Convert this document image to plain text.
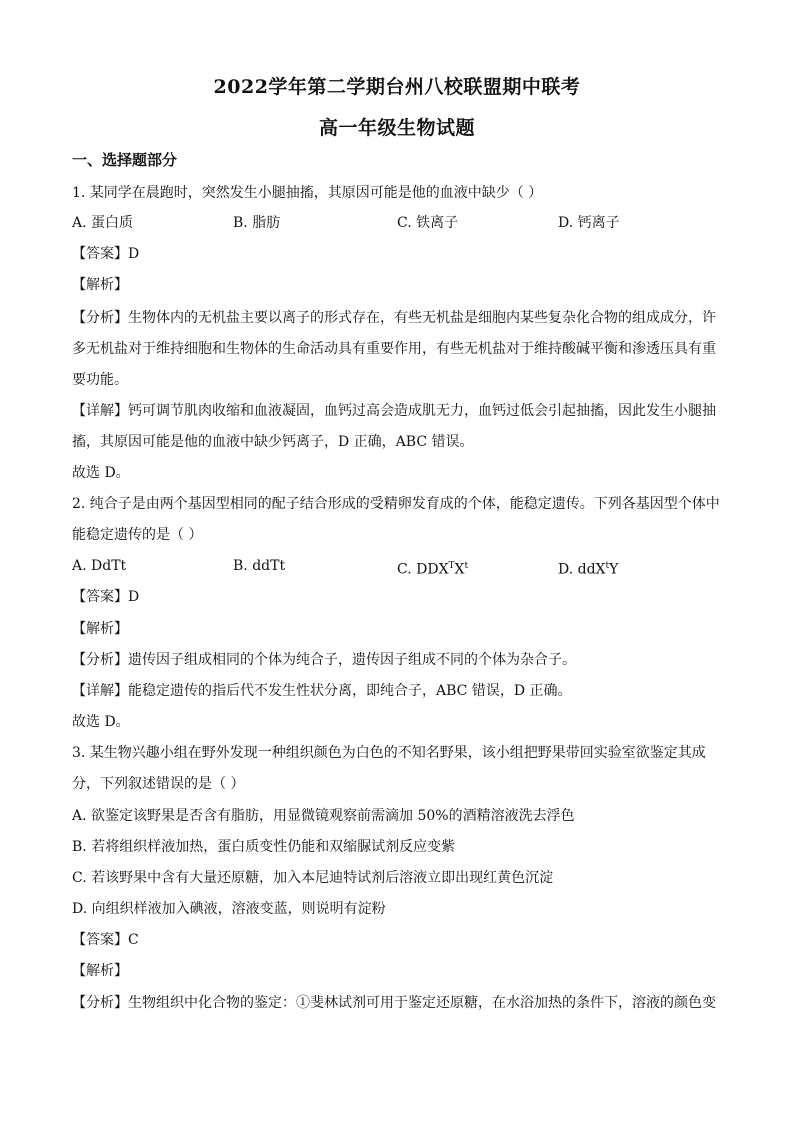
2022学年第二学期台州八校联盟期中联考
高一年级生物试题
一、选择题部分
1. 某同学在晨跑时，突然发生小腿抽搐，其原因可能是他的血液中缺少（ ）
A. 蛋白质	B. 脂肪	C. 铁离子	D. 钙离子
【答案】D
【解析】
【分析】生物体内的无机盐主要以离子的形式存在，有些无机盐是细胞内某些复杂化合物的组成成分，许
多无机盐对于维持细胞和生物体的生命活动具有重要作用，有些无机盐对于维持酸碱平衡和渗透压具有重
要功能。
【详解】钙可调节肌肉收缩和血液凝固，血钙过高会造成肌无力，血钙过低会引起抽搐，因此发生小腿抽
搐，其原因可能是他的血液中缺少钙离子，D 正确，ABC 错误。
故选 D。
2. 纯合子是由两个基因型相同的配子结合形成的受精卵发育成的个体，能稳定遗传。下列各基因型个体中
能稳定遗传的是（ ）
A. DdTt	B. ddTt	C. $DDX^TX^t$	D. ddX$^t$Y
【答案】D
【解析】
【分析】遗传因子组成相同的个体为纯合子，遗传因子组成不同的个体为杂合子。
【详解】能稳定遗传的指后代不发生性状分离，即纯合子，ABC 错误，D 正确。
故选 D。
3. 某生物兴趣小组在野外发现一种组织颜色为白色的不知名野果，该小组把野果带回实验室欲鉴定其成
分，下列叙述错误的是（ ）
A. 欲鉴定该野果是否含有脂肪，用显微镜观察前需滴加 50%的酒精溶液洗去浮色
B. 若将组织样液加热，蛋白质变性仍能和双缩脲试剂反应变紫
C. 若该野果中含有大量还原糖，加入本尼迪特试剂后溶液立即出现红黄色沉淀
D. 向组织样液加入碘液，溶液变蓝，则说明有淀粉
【答案】C
【解析】
【分析】生物组织中化合物的鉴定：①斐林试剂可用于鉴定还原糖，在水浴加热的条件下，溶液的颜色变
